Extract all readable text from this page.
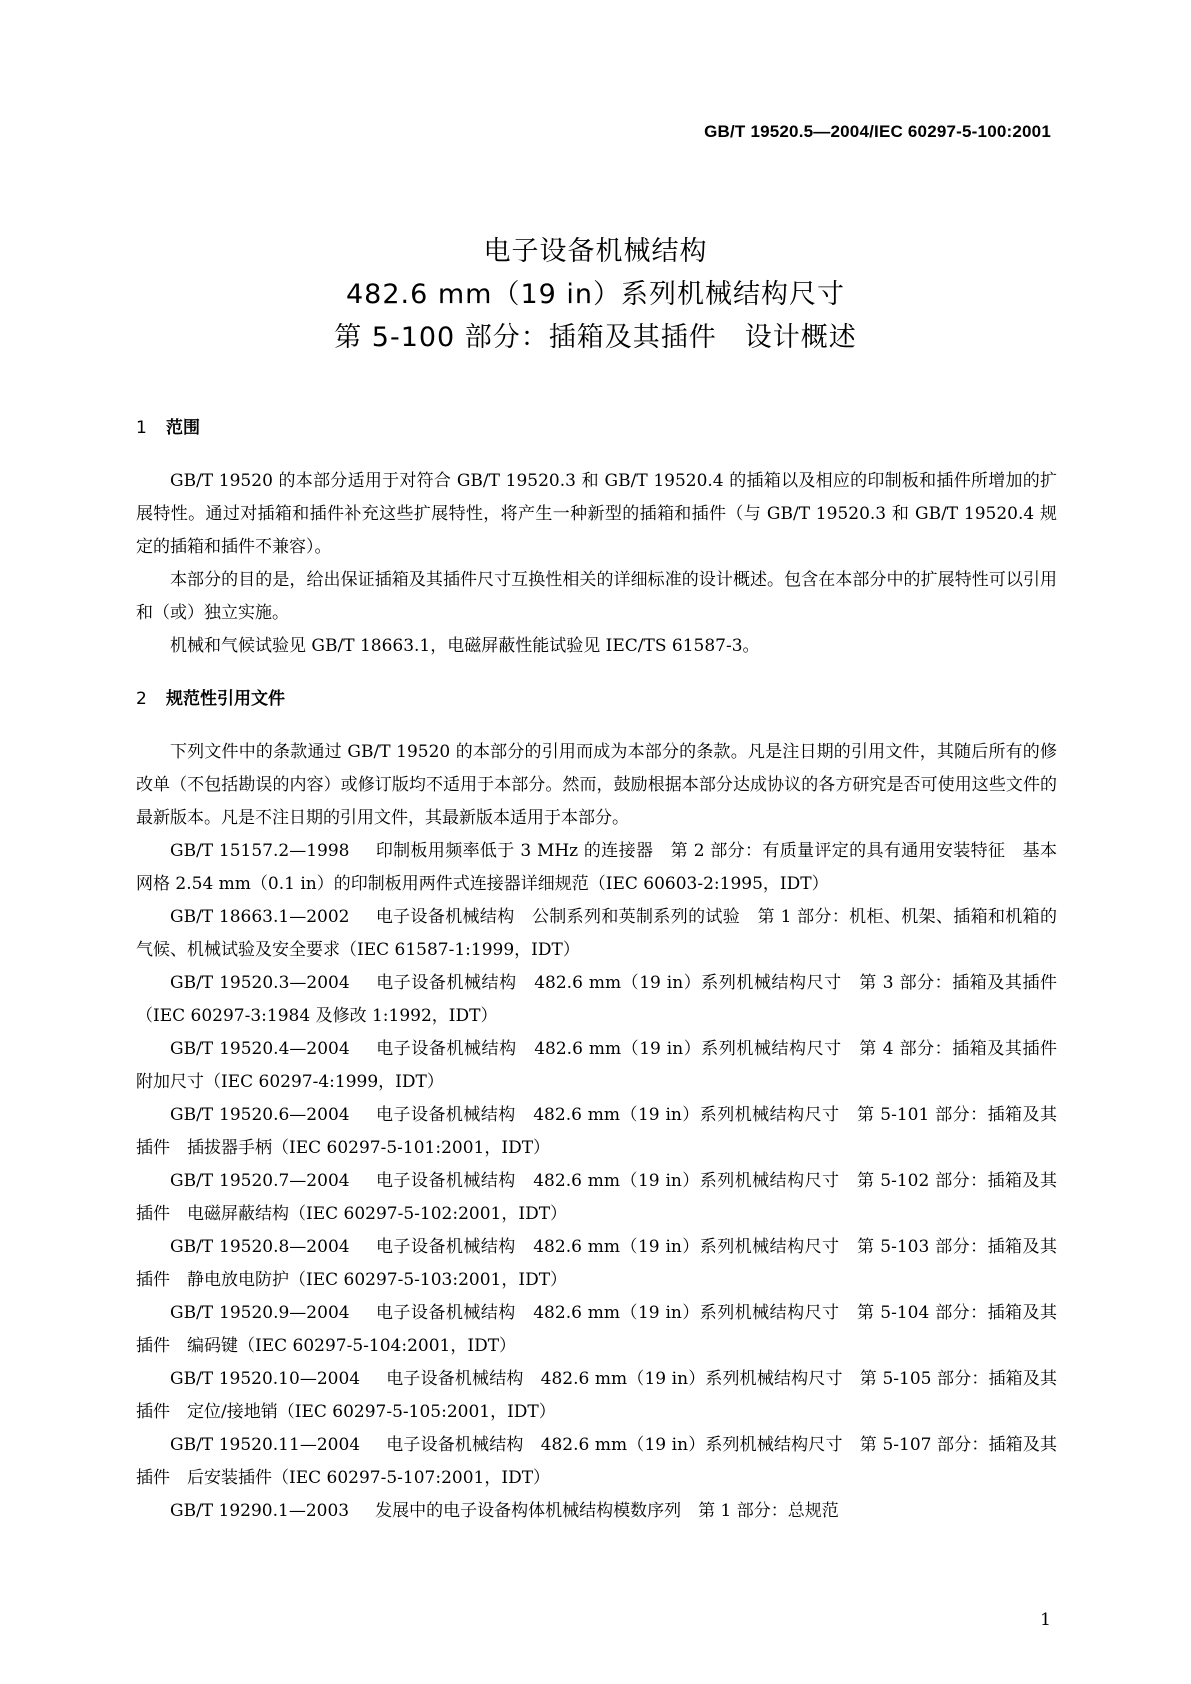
GB/T 19520.5—2004/IEC 60297-5-100:2001
电子设备机械结构
482.6 mm（19 in）系列机械结构尺寸
第 5-100 部分：插箱及其插件　设计概述
1 范围

GB/T 19520 的本部分适用于对符合 GB/T 19520.3 和 GB/T 19520.4 的插箱以及相应的印制板和插件所增加的扩展特性。通过对插箱和插件补充这些扩展特性，将产生一种新型的插箱和插件（与 GB/T 19520.3 和 GB/T 19520.4 规定的插箱和插件不兼容）。

本部分的目的是，给出保证插箱及其插件尺寸互换性相关的详细标准的设计概述。包含在本部分中的扩展特性可以引用和（或）独立实施。

机械和气候试验见 GB/T 18663.1，电磁屏蔽性能试验见 IEC/TS 61587-3。

2 规范性引用文件

下列文件中的条款通过 GB/T 19520 的本部分的引用而成为本部分的条款。凡是注日期的引用文件，其随后所有的修改单（不包括勘误的内容）或修订版均不适用于本部分。然而，鼓励根据本部分达成协议的各方研究是否可使用这些文件的最新版本。凡是不注日期的引用文件，其最新版本适用于本部分。

GB/T 15157.2—1998 印制板用频率低于 3 MHz 的连接器　第 2 部分：有质量评定的具有通用安装特征　基本网格 2.54 mm（0.1 in）的印制板用两件式连接器详细规范（IEC 60603-2:1995，IDT）

GB/T 18663.1—2002 电子设备机械结构　公制系列和英制系列的试验　第 1 部分：机柜、机架、插箱和机箱的气候、机械试验及安全要求（IEC 61587-1:1999，IDT）

GB/T 19520.3—2004 电子设备机械结构　482.6 mm（19 in）系列机械结构尺寸　第 3 部分：插箱及其插件（IEC 60297-3:1984 及修改 1:1992，IDT）

GB/T 19520.4—2004 电子设备机械结构　482.6 mm（19 in）系列机械结构尺寸　第 4 部分：插箱及其插件　附加尺寸（IEC 60297-4:1999，IDT）

GB/T 19520.6—2004 电子设备机械结构　482.6 mm（19 in）系列机械结构尺寸　第 5-101 部分：插箱及其插件　插拔器手柄（IEC 60297-5-101:2001，IDT）

GB/T 19520.7—2004 电子设备机械结构　482.6 mm（19 in）系列机械结构尺寸　第 5-102 部分：插箱及其插件　电磁屏蔽结构（IEC 60297-5-102:2001，IDT）

GB/T 19520.8—2004 电子设备机械结构　482.6 mm（19 in）系列机械结构尺寸　第 5-103 部分：插箱及其插件　静电放电防护（IEC 60297-5-103:2001，IDT）

GB/T 19520.9—2004 电子设备机械结构　482.6 mm（19 in）系列机械结构尺寸　第 5-104 部分：插箱及其插件　编码键（IEC 60297-5-104:2001，IDT）

GB/T 19520.10—2004 电子设备机械结构　482.6 mm（19 in）系列机械结构尺寸　第 5-105 部分：插箱及其插件　定位/接地销（IEC 60297-5-105:2001，IDT）

GB/T 19520.11—2004 电子设备机械结构　482.6 mm（19 in）系列机械结构尺寸　第 5-107 部分：插箱及其插件　后安装插件（IEC 60297-5-107:2001，IDT）

GB/T 19290.1—2003 发展中的电子设备构体机械结构模数序列　第 1 部分：总规范

1
